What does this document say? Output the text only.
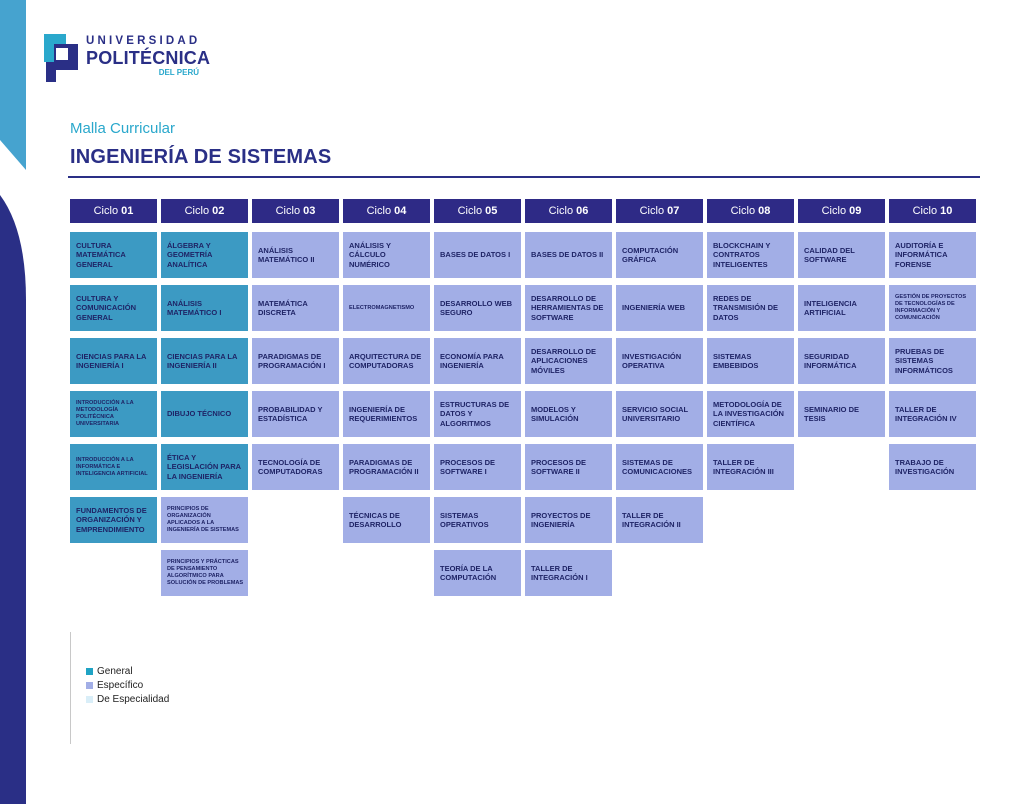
UNIVERSIDAD
POLITÉCNICA
DEL PERÚ
Malla Curricular
INGENIERÍA DE SISTEMAS
Ciclo 01
CULTURA MATEMÁTICA GENERAL
CULTURA Y COMUNICACIÓN GENERAL
CIENCIAS PARA LA INGENIERÍA I
INTRODUCCIÓN A LA METODOLOGÍA POLITÉCNICA UNIVERSITARIA
INTRODUCCIÓN A LA INFORMÁTICA E INTELIGENCIA ARTIFICIAL
FUNDAMENTOS DE ORGANIZACIÓN Y EMPRENDIMIENTO
Ciclo 02
ÁLGEBRA Y GEOMETRÍA ANALÍTICA
ANÁLISIS MATEMÁTICO I
CIENCIAS PARA LA INGENIERÍA II
DIBUJO TÉCNICO
ÉTICA Y LEGISLACIÓN PARA LA INGENIERÍA
PRINCIPIOS DE ORGANIZACIÓN APLICADOS A LA INGENIERÍA DE SISTEMAS
PRINCIPIOS Y PRÁCTICAS DE PENSAMIENTO ALGORÍTMICO PARA SOLUCIÓN DE PROBLEMAS
Ciclo 03
ANÁLISIS MATEMÁTICO II
MATEMÁTICA DISCRETA
PARADIGMAS DE PROGRAMACIÓN I
PROBABILIDAD Y ESTADÍSTICA
TECNOLOGÍA DE COMPUTADORAS
Ciclo 04
ANÁLISIS Y CÁLCULO NUMÉRICO
ELECTROMAGNETISMO
ARQUITECTURA DE COMPUTADORAS
INGENIERÍA DE REQUERIMIENTOS
PARADIGMAS DE PROGRAMACIÓN II
TÉCNICAS DE DESARROLLO
Ciclo 05
BASES DE DATOS I
DESARROLLO WEB SEGURO
ECONOMÍA PARA INGENIERÍA
ESTRUCTURAS DE DATOS Y ALGORITMOS
PROCESOS DE SOFTWARE I
SISTEMAS OPERATIVOS
TEORÍA DE LA COMPUTACIÓN
Ciclo 06
BASES DE DATOS II
DESARROLLO DE HERRAMIENTAS DE SOFTWARE
DESARROLLO DE APLICACIONES MÓVILES
MODELOS Y SIMULACIÓN
PROCESOS DE SOFTWARE II
PROYECTOS DE INGENIERÍA
TALLER DE INTEGRACIÓN I
Ciclo 07
COMPUTACIÓN GRÁFICA
INGENIERÍA WEB
INVESTIGACIÓN OPERATIVA
SERVICIO SOCIAL UNIVERSITARIO
SISTEMAS DE COMUNICACIONES
TALLER DE INTEGRACIÓN II
Ciclo 08
BLOCKCHAIN Y CONTRATOS INTELIGENTES
REDES DE TRANSMISIÓN DE DATOS
SISTEMAS EMBEBIDOS
METODOLOGÍA DE LA INVESTIGACIÓN CIENTÍFICA
TALLER DE INTEGRACIÓN III
Ciclo 09
CALIDAD DEL SOFTWARE
INTELIGENCIA ARTIFICIAL
SEGURIDAD INFORMÁTICA
SEMINARIO DE TESIS
Ciclo 10
AUDITORÍA E INFORMÁTICA FORENSE
GESTIÓN DE PROYECTOS DE TECNOLOGÍAS DE INFORMACIÓN Y COMUNICACIÓN
PRUEBAS DE SISTEMAS INFORMÁTICOS
TALLER DE INTEGRACIÓN IV
TRABAJO DE INVESTIGACIÓN
General
Específico
De Especialidad
